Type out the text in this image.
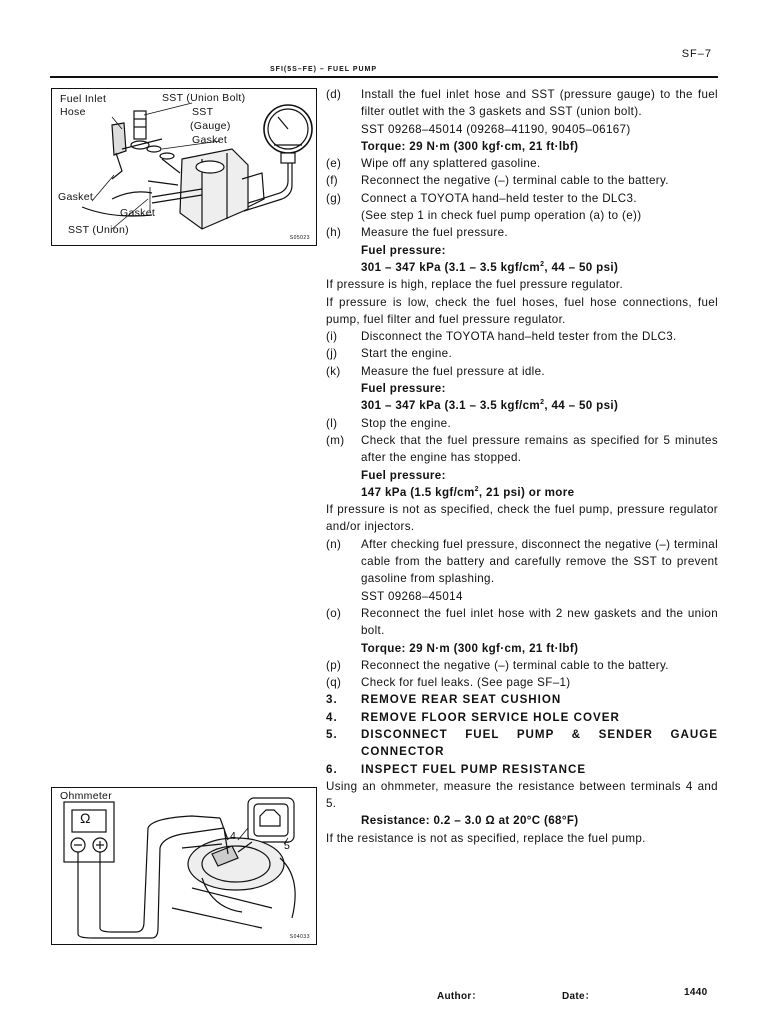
SF–7
SFI(5S–FE) – FUEL PUMP
Fuel Inlet
Hose
SST (Union Bolt)
SST
(Gauge)
Gasket
Gasket
Gasket
SST (Union)
S05023
(d)	Install the fuel inlet hose and SST (pressure gauge) to the fuel filter outlet with the 3 gaskets and SST (union bolt).
SST 09268–45014 (09268–41190, 90405–06167)
Torque: 29 N·m (300 kgf·cm, 21 ft·lbf)
(e)	Wipe off any splattered gasoline.
(f)	Reconnect the negative (–) terminal cable to the battery.
(g)	Connect a TOYOTA hand–held tester to the DLC3.
(See step 1 in check fuel pump operation (a) to (e))
(h)	Measure the fuel pressure.
Fuel pressure:
301 – 347 kPa (3.1 – 3.5 kgf/$cm^2$, 44 – 50 psi)
If pressure is high, replace the fuel pressure regulator.
If pressure is low, check the fuel hoses, fuel hose connections, fuel pump, fuel filter and fuel pressure regulator.
(i)	Disconnect the TOYOTA hand–held tester from the DLC3.
(j)	Start the engine.
(k)	Measure the fuel pressure at idle.
Fuel pressure:
301 – 347 kPa (3.1 – 3.5 kgf/$cm^2$, 44 – 50 psi)
(l)	Stop the engine.
(m)	Check that the fuel pressure remains as specified for 5 minutes after the engine has stopped.
Fuel pressure:
147 kPa (1.5 kgf/$cm^2$, 21 psi) or more
If pressure is not as specified, check the fuel pump, pressure regulator and/or injectors.
(n)	After checking fuel pressure, disconnect the negative (–) terminal cable from the battery and carefully remove the SST to prevent gasoline from splashing.
SST 09268–45014
(o)	Reconnect the fuel inlet hose with 2 new gaskets and the union bolt.
Torque: 29 N·m (300 kgf·cm, 21 ft·lbf)
(p)	Reconnect the negative (–) terminal cable to the battery.
(q)	Check for fuel leaks. (See page SF–1)
3.	REMOVE REAR SEAT CUSHION
4.	REMOVE FLOOR SERVICE HOLE COVER
5.	DISCONNECT FUEL PUMP & SENDER GAUGE CONNECTOR
6.	INSPECT FUEL PUMP RESISTANCE
Using an ohmmeter, measure the resistance between terminals 4 and 5.
Resistance: 0.2 – 3.0 Ω at 20°C (68°F)
If the resistance is not as specified, replace the fuel pump.
Ohmmeter
Ω
4
5
S04033
Author：	Date：	1440
